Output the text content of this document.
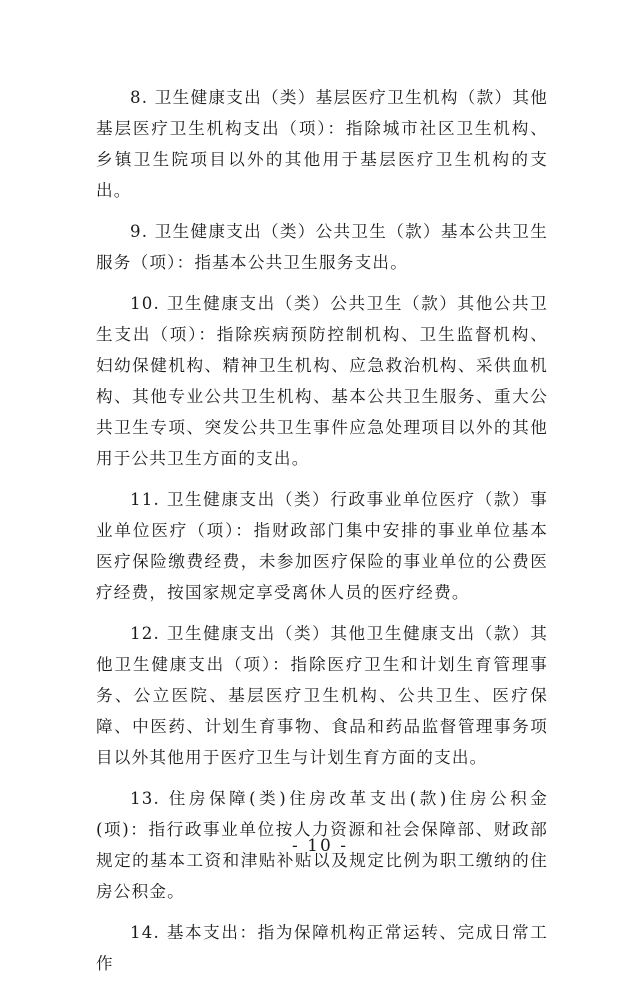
8. 卫生健康支出（类）基层医疗卫生机构（款）其他基层医疗卫生机构支出（项）：指除城市社区卫生机构、乡镇卫生院项目以外的其他用于基层医疗卫生机构的支出。

9. 卫生健康支出（类）公共卫生（款）基本公共卫生服务（项）：指基本公共卫生服务支出。

10. 卫生健康支出（类）公共卫生（款）其他公共卫生支出（项）：指除疾病预防控制机构、卫生监督机构、妇幼保健机构、精神卫生机构、应急救治机构、采供血机构、其他专业公共卫生机构、基本公共卫生服务、重大公共卫生专项、突发公共卫生事件应急处理项目以外的其他用于公共卫生方面的支出。

11. 卫生健康支出（类）行政事业单位医疗（款）事业单位医疗（项）：指财政部门集中安排的事业单位基本医疗保险缴费经费，未参加医疗保险的事业单位的公费医疗经费，按国家规定享受离休人员的医疗经费。

12. 卫生健康支出（类）其他卫生健康支出（款）其他卫生健康支出（项）：指除医疗卫生和计划生育管理事务、公立医院、基层医疗卫生机构、公共卫生、医疗保障、中医药、计划生育事物、食品和药品监督管理事务项目以外其他用于医疗卫生与计划生育方面的支出。

13. 住房保障(类)住房改革支出(款)住房公积金(项)：指行政事业单位按人力资源和社会保障部、财政部规定的基本工资和津贴补贴以及规定比例为职工缴纳的住房公积金。

14. 基本支出：指为保障机构正常运转、完成日常工作

- 10 -
